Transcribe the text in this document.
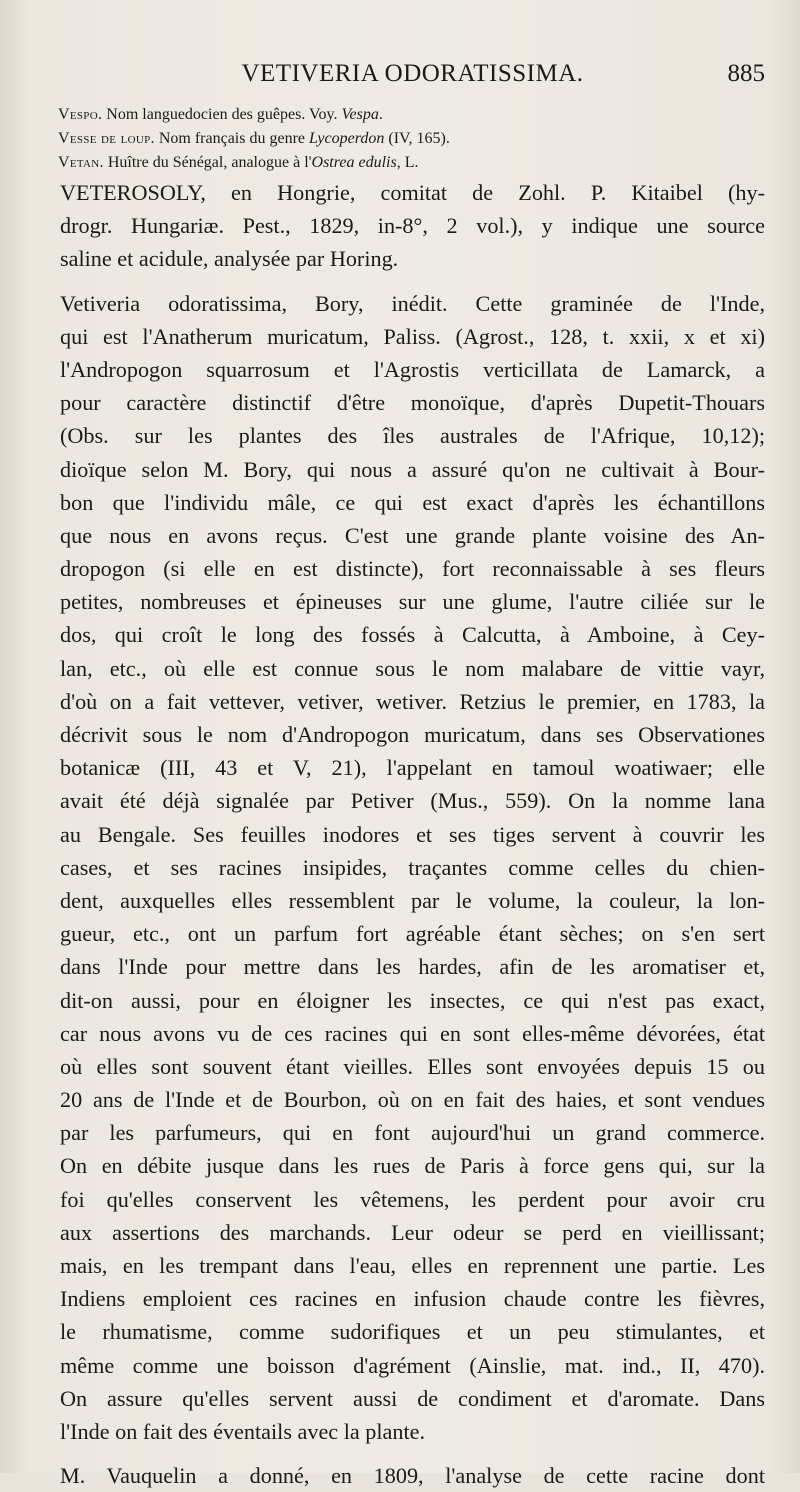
VETIVERIA ODORATISSIMA.	885

Vespo. Nom languedocien des guêpes. Voy. Vespa.

Vesse de loup. Nom français du genre Lycoperdon (IV, 165).

Vetan. Huître du Sénégal, analogue à l'Ostrea edulis, L.

VETEROSOLY, en Hongrie, comitat de Zohl. P. Kitaibel (hy-
drogr. Hungariæ. Pest., 1829, in-8°, 2 vol.), y indique une source
saline et acidule, analysée par Horing.

Vetiveria odoratissima, Bory, inédit. Cette graminée de l'Inde,
qui est l'Anatherum muricatum, Paliss. (Agrost., 128, t. xxii, x et xi)
l'Andropogon squarrosum et l'Agrostis verticillata de Lamarck, a
pour caractère distinctif d'être monoïque, d'après Dupetit-Thouars
(Obs. sur les plantes des îles australes de l'Afrique, 10,12);
dioïque selon M. Bory, qui nous a assuré qu'on ne cultivait à Bour-
bon que l'individu mâle, ce qui est exact d'après les échantillons
que nous en avons reçus. C'est une grande plante voisine des An-
dropogon (si elle en est distincte), fort reconnaissable à ses fleurs
petites, nombreuses et épineuses sur une glume, l'autre ciliée sur le
dos, qui croît le long des fossés à Calcutta, à Amboine, à Cey-
lan, etc., où elle est connue sous le nom malabare de vittie vayr,
d'où on a fait vettever, vetiver, wetiver. Retzius le premier, en 1783, la
décrivit sous le nom d'Andropogon muricatum, dans ses Observationes
botanicæ (III, 43 et V, 21), l'appelant en tamoul woatiwaer; elle
avait été déjà signalée par Petiver (Mus., 559). On la nomme lana
au Bengale. Ses feuilles inodores et ses tiges servent à couvrir les
cases, et ses racines insipides, traçantes comme celles du chien-
dent, auxquelles elles ressemblent par le volume, la couleur, la lon-
gueur, etc., ont un parfum fort agréable étant sèches; on s'en sert
dans l'Inde pour mettre dans les hardes, afin de les aromatiser et,
dit-on aussi, pour en éloigner les insectes, ce qui n'est pas exact,
car nous avons vu de ces racines qui en sont elles-même dévorées, état
où elles sont souvent étant vieilles. Elles sont envoyées depuis 15 ou
20 ans de l'Inde et de Bourbon, où on en fait des haies, et sont vendues
par les parfumeurs, qui en font aujourd'hui un grand commerce.
On en débite jusque dans les rues de Paris à force gens qui, sur la
foi qu'elles conservent les vêtemens, les perdent pour avoir cru
aux assertions des marchands. Leur odeur se perd en vieillissant;
mais, en les trempant dans l'eau, elles en reprennent une partie. Les
Indiens emploient ces racines en infusion chaude contre les fièvres,
le rhumatisme, comme sudorifiques et un peu stimulantes, et
même comme une boisson d'agrément (Ainslie, mat. ind., II, 470).
On assure qu'elles servent aussi de condiment et d'aromate. Dans
l'Inde on fait des éventails avec la plante.

M. Vauquelin a donné, en 1809, l'analyse de cette racine dont
